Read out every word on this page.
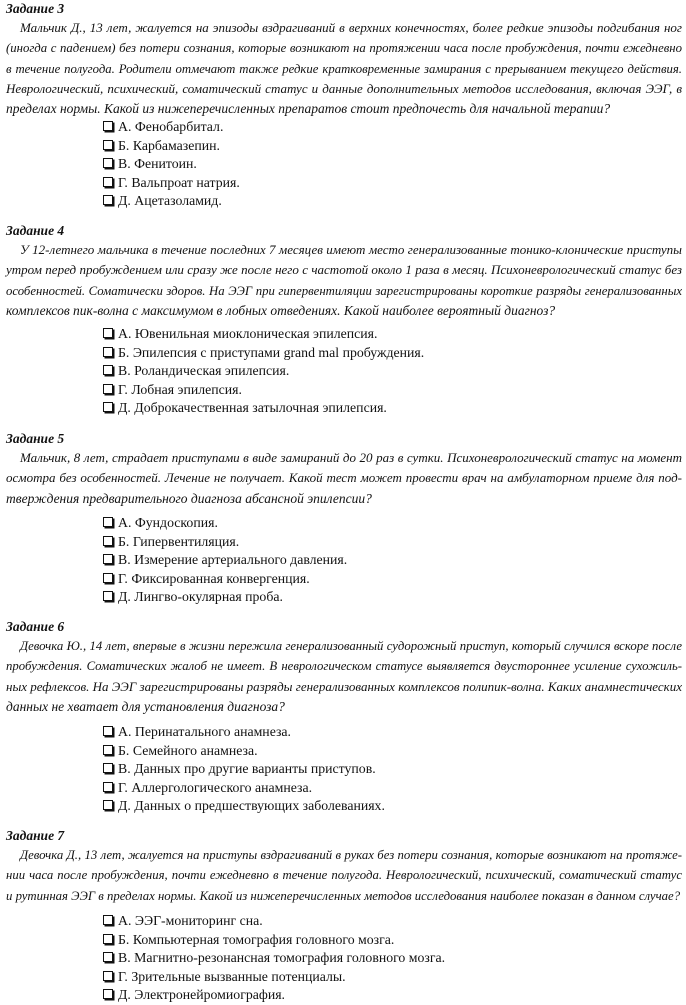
Задание 3
Мальчик Д., 13 лет, жалуется на эпизоды вздрагиваний в верхних конечностях, более редкие эпизоды подгибания ног
(иногда с падением) без потери сознания, которые возникают на протяжении часа после пробуждения, почти ежедневно
в течение полугода. Родители отмечают также редкие кратковременные замирания с прерыванием текущего действия.
Неврологический, психический, соматический статус и данные дополнительных методов исследования, включая ЭЭГ, в
пределах нормы. Какой из нижеперечисленных препаратов стоит предпочесть для начальной терапии?
А. Фенобарбитал.
Б. Карбамазепин.
В. Фенитоин.
Г. Вальпроат натрия.
Д. Ацетазоламид.
Задание 4
У 12-летнего мальчика в течение последних 7 месяцев имеют место генерализованные тонико-клонические приступы
утром перед пробуждением или сразу же после него с частотой около 1 раза в месяц. Психоневрологический статус без
особенностей. Соматически здоров. На ЭЭГ при гипервентиляции зарегистрированы короткие разряды генерализованных
комплексов пик-волна с максимумом в лобных отведениях. Какой наиболее вероятный диагноз?
А. Ювенильная миоклоническая эпилепсия.
Б. Эпилепсия с приступами grand mal пробуждения.
В. Роландическая эпилепсия.
Г. Лобная эпилепсия.
Д. Доброкачественная затылочная эпилепсия.
Задание 5
Мальчик, 8 лет, страдает приступами в виде замираний до 20 раз в сутки. Психоневрологический статус на момент
осмотра без особенностей. Лечение не получает. Какой тест может провести врач на амбулаторном приеме для под-
тверждения предварительного диагноза абсансной эпилепсии?
А. Фундоскопия.
Б. Гипервентиляция.
В. Измерение артериального давления.
Г. Фиксированная конвергенция.
Д. Лингво-окулярная проба.
Задание 6
Девочка Ю., 14 лет, впервые в жизни пережила генерализованный судорожный приступ, который случился вскоре после
пробуждения. Соматических жалоб не имеет. В неврологическом статусе выявляется двустороннее усиление сухожиль-
ных рефлексов. На ЭЭГ зарегистрированы разряды генерализованных комплексов полипик-волна. Каких анамнестических
данных не хватает для установления диагноза?
А. Перинатального анамнеза.
Б. Семейного анамнеза.
В. Данных про другие варианты приступов.
Г. Аллергологического анамнеза.
Д. Данных о предшествующих заболеваниях.
Задание 7
Девочка Д., 13 лет, жалуется на приступы вздрагиваний в руках без потери сознания, которые возникают на протяже-
нии часа после пробуждения, почти ежедневно в течение полугода. Неврологический, психический, соматический статус
и рутинная ЭЭГ в пределах нормы. Какой из нижеперечисленных методов исследования наиболее показан в данном случае?
А. ЭЭГ-мониторинг сна.
Б. Компьютерная томография головного мозга.
В. Магнитно-резонансная томография головного мозга.
Г. Зрительные вызванные потенциалы.
Д. Электронейромиография.
